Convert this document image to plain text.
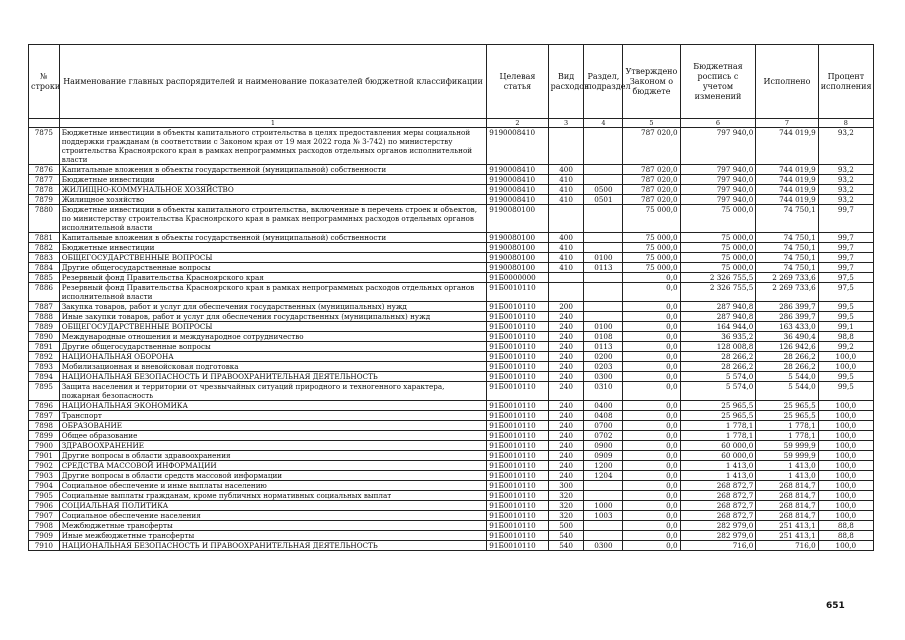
№ строки	Наименование главных распорядителей и наименование показателей бюджетной классификации	Целевая статья	Вид расходов	Раздел, подраздел	Утверждено Законом о бюджете	Бюджетная роспись с учетом изменений	Исполнено	Процент исполнения
	1	2	3	4	5	6	7	8
7875	Бюджетные инвестиции в объекты капитального строительства в целях предоставления меры социальной поддержки гражданам (в соответствии с Законом края от 19 мая 2022 года № 3-742) по министерству строительства Красноярского края в рамках непрограммных расходов отдельных органов исполнительной власти	9190008410			787 020,0	797 940,0	744 019,9	93,2
7876	Капитальные вложения в объекты государственной (муниципальной) собственности	9190008410	400		787 020,0	797 940,0	744 019,9	93,2
7877	Бюджетные инвестиции	9190008410	410		787 020,0	797 940,0	744 019,9	93,2
7878	ЖИЛИЩНО-КОММУНАЛЬНОЕ ХОЗЯЙСТВО	9190008410	410	0500	787 020,0	797 940,0	744 019,9	93,2
7879	Жилищное хозяйство	9190008410	410	0501	787 020,0	797 940,0	744 019,9	93,2
7880	Бюджетные инвестиции в объекты капитального строительства, включенные в перечень строек и объектов, по министерству строительства Красноярского края в рамках непрограммных расходов отдельных органов исполнительной власти	9190080100			75 000,0	75 000,0	74 750,1	99,7
7881	Капитальные вложения в объекты государственной (муниципальной) собственности	9190080100	400		75 000,0	75 000,0	74 750,1	99,7
7882	Бюджетные инвестиции	9190080100	410		75 000,0	75 000,0	74 750,1	99,7
7883	ОБЩЕГОСУДАРСТВЕННЫЕ ВОПРОСЫ	9190080100	410	0100	75 000,0	75 000,0	74 750,1	99,7
7884	Другие общегосударственные вопросы	9190080100	410	0113	75 000,0	75 000,0	74 750,1	99,7
7885	Резервный фонд Правительства Красноярского края	91Б0000000			0,0	2 326 755,5	2 269 733,6	97,5
7886	Резервный фонд Правительства Красноярского края в рамках непрограммных расходов отдельных органов исполнительной власти	91Б0010110			0,0	2 326 755,5	2 269 733,6	97,5
7887	Закупка товаров, работ и услуг для обеспечения государственных (муниципальных) нужд	91Б0010110	200		0,0	287 940,8	286 399,7	99,5
7888	Иные закупки товаров, работ и услуг для обеспечения государственных (муниципальных) нужд	91Б0010110	240		0,0	287 940,8	286 399,7	99,5
7889	ОБЩЕГОСУДАРСТВЕННЫЕ ВОПРОСЫ	91Б0010110	240	0100	0,0	164 944,0	163 433,0	99,1
7890	Международные отношения и международное сотрудничество	91Б0010110	240	0108	0,0	36 935,2	36 490,4	98,8
7891	Другие общегосударственные вопросы	91Б0010110	240	0113	0,0	128 008,8	126 942,6	99,2
7892	НАЦИОНАЛЬНАЯ ОБОРОНА	91Б0010110	240	0200	0,0	28 266,2	28 266,2	100,0
7893	Мобилизационная и вневойсковая подготовка	91Б0010110	240	0203	0,0	28 266,2	28 266,2	100,0
7894	НАЦИОНАЛЬНАЯ БЕЗОПАСНОСТЬ И ПРАВООХРАНИТЕЛЬНАЯ ДЕЯТЕЛЬНОСТЬ	91Б0010110	240	0300	0,0	5 574,0	5 544,0	99,5
7895	Защита населения и территории от чрезвычайных ситуаций природного и техногенного характера, пожарная безопасность	91Б0010110	240	0310	0,0	5 574,0	5 544,0	99,5
7896	НАЦИОНАЛЬНАЯ ЭКОНОМИКА	91Б0010110	240	0400	0,0	25 965,5	25 965,5	100,0
7897	Транспорт	91Б0010110	240	0408	0,0	25 965,5	25 965,5	100,0
7898	ОБРАЗОВАНИЕ	91Б0010110	240	0700	0,0	1 778,1	1 778,1	100,0
7899	Общее образование	91Б0010110	240	0702	0,0	1 778,1	1 778,1	100,0
7900	ЗДРАВООХРАНЕНИЕ	91Б0010110	240	0900	0,0	60 000,0	59 999,9	100,0
7901	Другие вопросы в области здравоохранения	91Б0010110	240	0909	0,0	60 000,0	59 999,9	100,0
7902	СРЕДСТВА МАССОВОЙ ИНФОРМАЦИИ	91Б0010110	240	1200	0,0	1 413,0	1 413,0	100,0
7903	Другие вопросы в области средств массовой информации	91Б0010110	240	1204	0,0	1 413,0	1 413,0	100,0
7904	Социальное обеспечение и иные выплаты населению	91Б0010110	300		0,0	268 872,7	268 814,7	100,0
7905	Социальные выплаты гражданам, кроме публичных нормативных социальных выплат	91Б0010110	320		0,0	268 872,7	268 814,7	100,0
7906	СОЦИАЛЬНАЯ ПОЛИТИКА	91Б0010110	320	1000	0,0	268 872,7	268 814,7	100,0
7907	Социальное обеспечение населения	91Б0010110	320	1003	0,0	268 872,7	268 814,7	100,0
7908	Межбюджетные трансферты	91Б0010110	500		0,0	282 979,0	251 413,1	88,8
7909	Иные межбюджетные трансферты	91Б0010110	540		0,0	282 979,0	251 413,1	88,8
7910	НАЦИОНАЛЬНАЯ БЕЗОПАСНОСТЬ И ПРАВООХРАНИТЕЛЬНАЯ ДЕЯТЕЛЬНОСТЬ	91Б0010110	540	0300	0,0	716,0	716,0	100,0
651
